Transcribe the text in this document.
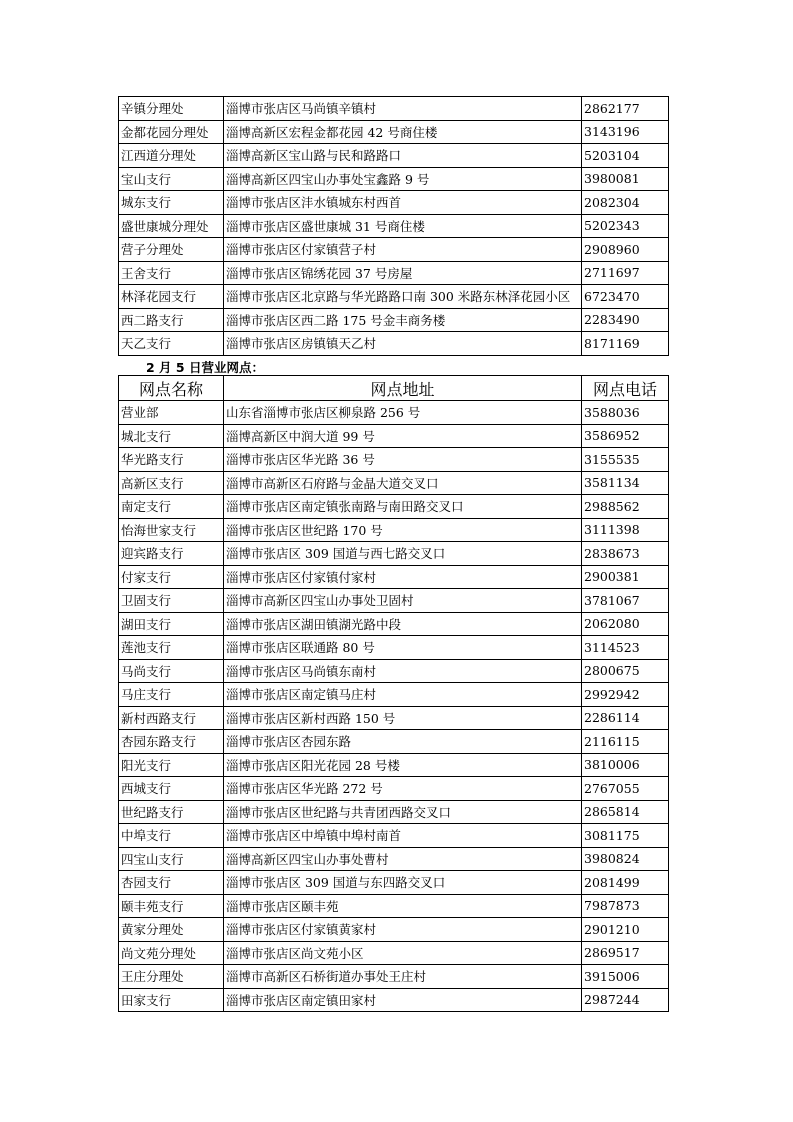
辛镇分理处	淄博市张店区马尚镇辛镇村	2862177
金都花园分理处	淄博高新区宏程金都花园 42 号商住楼	3143196
江西道分理处	淄博高新区宝山路与民和路路口	5203104
宝山支行	淄博高新区四宝山办事处宝鑫路 9 号	3980081
城东支行	淄博市张店区沣水镇城东村西首	2082304
盛世康城分理处	淄博市张店区盛世康城 31 号商住楼	5202343
营子分理处	淄博市张店区付家镇营子村	2908960
王舍支行	淄博市张店区锦绣花园 37 号房屋	2711697
林泽花园支行	淄博市张店区北京路与华光路路口南 300 米路东林泽花园小区	6723470
西二路支行	淄博市张店区西二路 175 号金丰商务楼	2283490
天乙支行	淄博市张店区房镇镇天乙村	8171169
2 月 5 日营业网点：
网点名称	网点地址	网点电话
营业部	山东省淄博市张店区柳泉路 256 号	3588036
城北支行	淄博高新区中润大道 99 号	3586952
华光路支行	淄博市张店区华光路 36 号	3155535
高新区支行	淄博市高新区石府路与金晶大道交叉口	3581134
南定支行	淄博市张店区南定镇张南路与南田路交叉口	2988562
怡海世家支行	淄博市张店区世纪路 170 号	3111398
迎宾路支行	淄博市张店区 309 国道与西七路交叉口	2838673
付家支行	淄博市张店区付家镇付家村	2900381
卫固支行	淄博市高新区四宝山办事处卫固村	3781067
湖田支行	淄博市张店区湖田镇湖光路中段	2062080
莲池支行	淄博市张店区联通路 80 号	3114523
马尚支行	淄博市张店区马尚镇东南村	2800675
马庄支行	淄博市张店区南定镇马庄村	2992942
新村西路支行	淄博市张店区新村西路 150 号	2286114
杏园东路支行	淄博市张店区杏园东路	2116115
阳光支行	淄博市张店区阳光花园 28 号楼	3810006
西城支行	淄博市张店区华光路 272 号	2767055
世纪路支行	淄博市张店区世纪路与共青团西路交叉口	2865814
中埠支行	淄博市张店区中埠镇中埠村南首	3081175
四宝山支行	淄博高新区四宝山办事处曹村	3980824
杏园支行	淄博市张店区 309 国道与东四路交叉口	2081499
颐丰苑支行	淄博市张店区颐丰苑	7987873
黄家分理处	淄博市张店区付家镇黄家村	2901210
尚文苑分理处	淄博市张店区尚文苑小区	2869517
王庄分理处	淄博市高新区石桥街道办事处王庄村	3915006
田家支行	淄博市张店区南定镇田家村	2987244
